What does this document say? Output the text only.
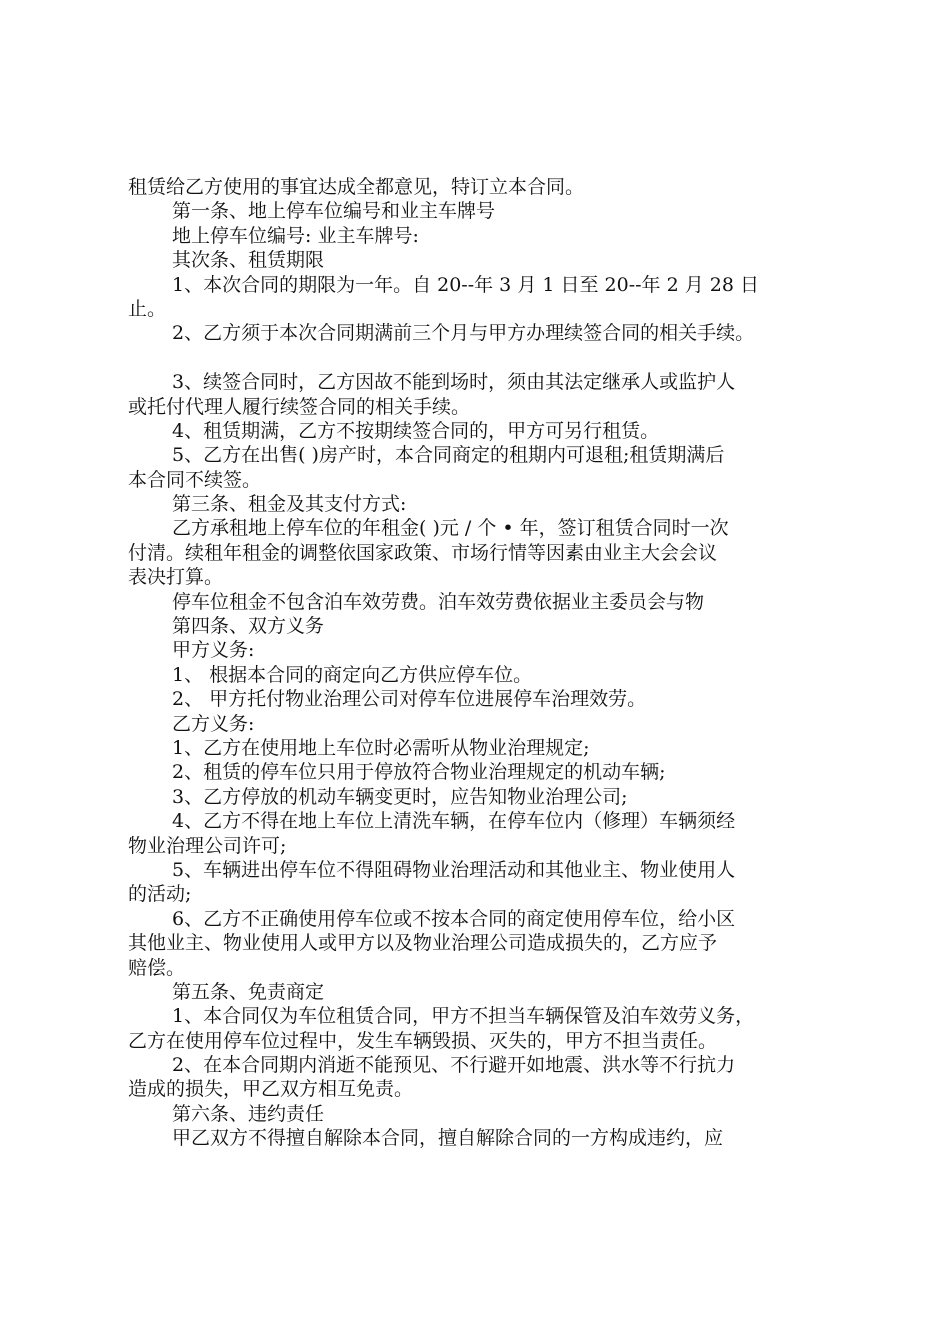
租赁给乙方使用的事宜达成全都意见，特订立本合同。
第一条、地上停车位编号和业主车牌号
地上停车位编号: 业主车牌号:
其次条、租赁期限
1、本次合同的期限为一年。自 20--年 3 月 1 日至 20--年 2 月 28 日
止。
2、乙方须于本次合同期满前三个月与甲方办理续签合同的相关手续。
3、续签合同时，乙方因故不能到场时，须由其法定继承人或监护人
或托付代理人履行续签合同的相关手续。
4、租赁期满，乙方不按期续签合同的，甲方可另行租赁。
5、乙方在出售( )房产时，本合同商定的租期内可退租;租赁期满后
本合同不续签。
第三条、租金及其支付方式:
乙方承租地上停车位的年租金( )元 / 个 • 年，签订租赁合同时一次
付清。续租年租金的调整依国家政策、市场行情等因素由业主大会会议
表决打算。
停车位租金不包含泊车效劳费。泊车效劳费依据业主委员会与物
第四条、双方义务
甲方义务:
1、 根据本合同的商定向乙方供应停车位。
2、 甲方托付物业治理公司对停车位进展停车治理效劳。
乙方义务:
1、乙方在使用地上车位时必需听从物业治理规定;
2、租赁的停车位只用于停放符合物业治理规定的机动车辆;
3、乙方停放的机动车辆变更时，应告知物业治理公司;
4、乙方不得在地上车位上清洗车辆，在停车位内（修理）车辆须经
物业治理公司许可;
5、车辆进出停车位不得阻碍物业治理活动和其他业主、物业使用人
的活动;
6、乙方不正确使用停车位或不按本合同的商定使用停车位，给小区
其他业主、物业使用人或甲方以及物业治理公司造成损失的，乙方应予
赔偿。
第五条、免责商定
1、本合同仅为车位租赁合同，甲方不担当车辆保管及泊车效劳义务，
乙方在使用停车位过程中，发生车辆毁损、灭失的，甲方不担当责任。
2、在本合同期内消逝不能预见、不行避开如地震、洪水等不行抗力
造成的损失，甲乙双方相互免责。
第六条、违约责任
甲乙双方不得擅自解除本合同，擅自解除合同的一方构成违约，应
